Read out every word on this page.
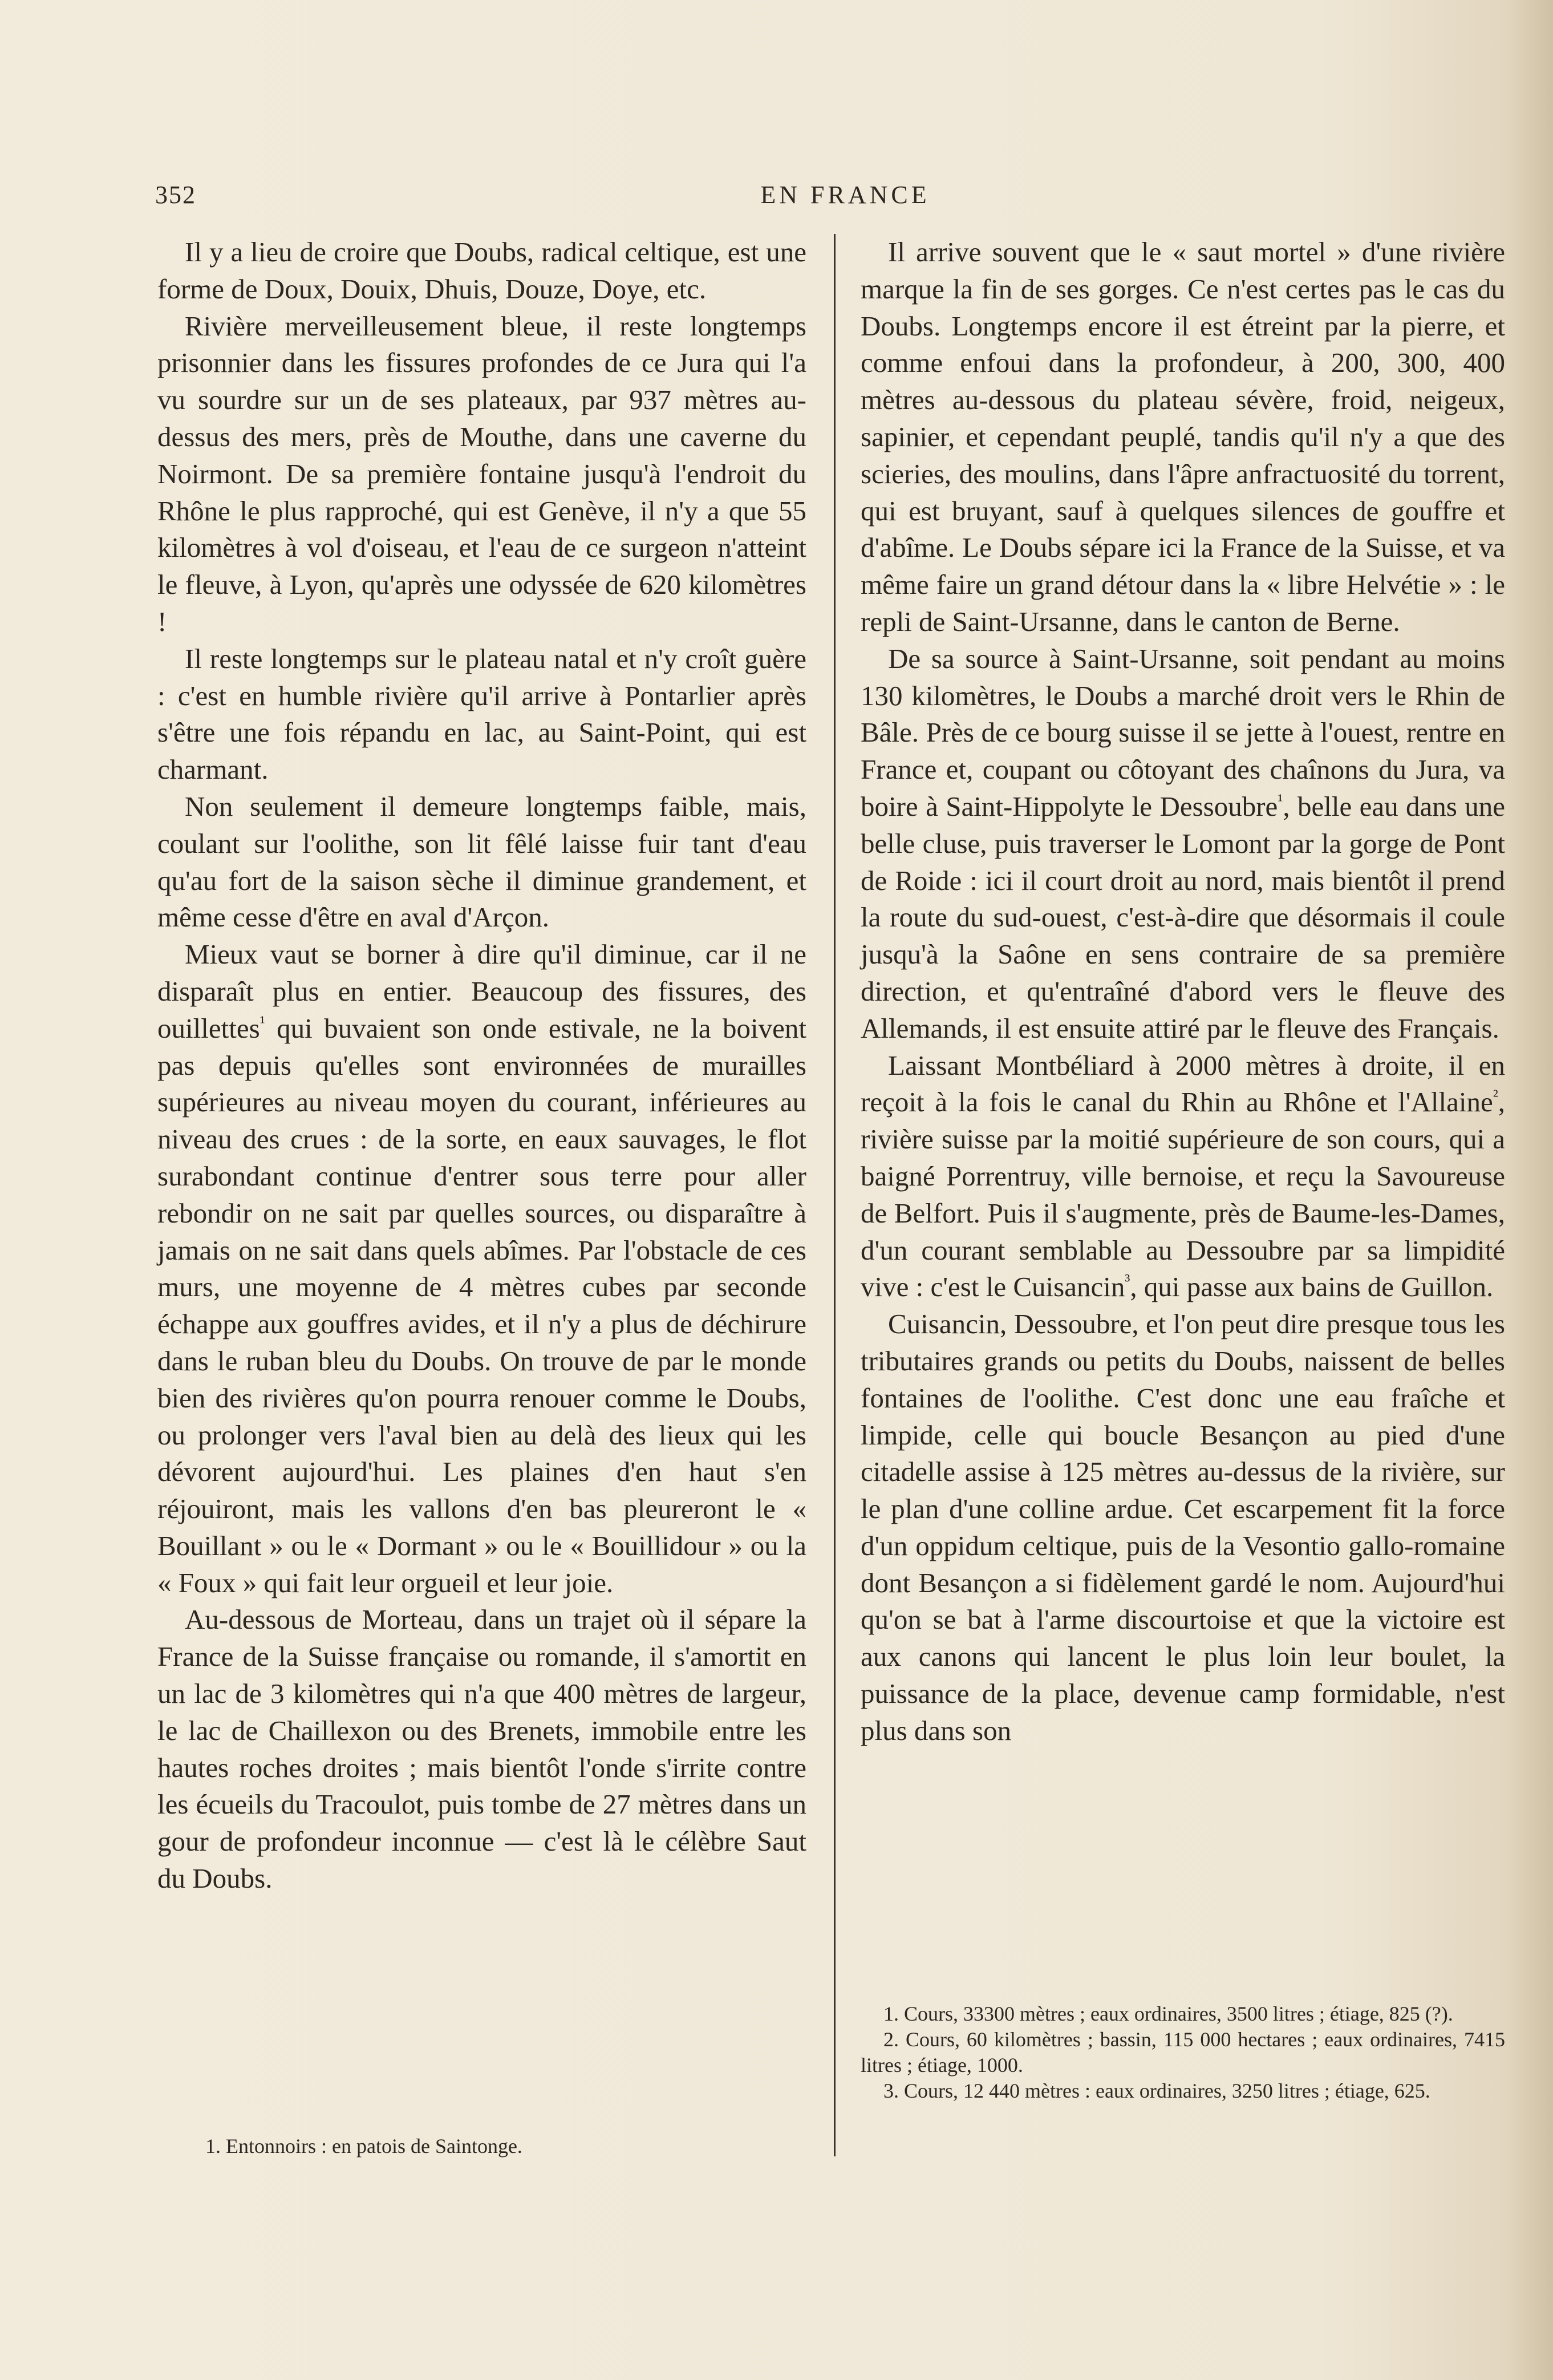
352	EN FRANCE

Il y a lieu de croire que Doubs, radical celtique, est une forme de Doux, Douix, Dhuis, Douze, Doye, etc.

Rivière merveilleusement bleue, il reste longtemps prisonnier dans les fissures profondes de ce Jura qui l'a vu sourdre sur un de ses plateaux, par 937 mètres au-dessus des mers, près de Mouthe, dans une caverne du Noirmont. De sa première fontaine jusqu'à l'endroit du Rhône le plus rapproché, qui est Genève, il n'y a que 55 kilomètres à vol d'oiseau, et l'eau de ce surgeon n'atteint le fleuve, à Lyon, qu'après une odyssée de 620 kilomètres !

Il reste longtemps sur le plateau natal et n'y croît guère : c'est en humble rivière qu'il arrive à Pontarlier après s'être une fois répandu en lac, au Saint-Point, qui est charmant.

Non seulement il demeure longtemps faible, mais, coulant sur l'oolithe, son lit fêlé laisse fuir tant d'eau qu'au fort de la saison sèche il diminue grandement, et même cesse d'être en aval d'Arçon.

Mieux vaut se borner à dire qu'il diminue, car il ne disparaît plus en entier. Beaucoup des fissures, des ouillettes$^{^1}$ qui buvaient son onde estivale, ne la boivent pas depuis qu'elles sont environnées de murailles supérieures au niveau moyen du courant, inférieures au niveau des crues : de la sorte, en eaux sauvages, le flot surabondant continue d'entrer sous terre pour aller rebondir on ne sait par quelles sources, ou disparaître à jamais on ne sait dans quels abîmes. Par l'obstacle de ces murs, une moyenne de 4 mètres cubes par seconde échappe aux gouffres avides, et il n'y a plus de déchirure dans le ruban bleu du Doubs. On trouve de par le monde bien des rivières qu'on pourra renouer comme le Doubs, ou prolonger vers l'aval bien au delà des lieux qui les dévorent aujourd'hui. Les plaines d'en haut s'en réjouiront, mais les vallons d'en bas pleureront le « Bouillant » ou le « Dormant » ou le « Bouillidour » ou la « Foux » qui fait leur orgueil et leur joie.

Au-dessous de Morteau, dans un trajet où il sépare la France de la Suisse française ou romande, il s'amortit en un lac de 3 kilomètres qui n'a que 400 mètres de largeur, le lac de Chaillexon ou des Brenets, immobile entre les hautes roches droites ; mais bientôt l'onde s'irrite contre les écueils du Tracoulot, puis tombe de 27 mètres dans un gour de profondeur inconnue — c'est là le célèbre Saut du Doubs.

Il arrive souvent que le « saut mortel » d'une rivière marque la fin de ses gorges. Ce n'est certes pas le cas du Doubs. Longtemps encore il est étreint par la pierre, et comme enfoui dans la profondeur, à 200, 300, 400 mètres au-dessous du plateau sévère, froid, neigeux, sapinier, et cependant peuplé, tandis qu'il n'y a que des scieries, des moulins, dans l'âpre anfractuosité du torrent, qui est bruyant, sauf à quelques silences de gouffre et d'abîme. Le Doubs sépare ici la France de la Suisse, et va même faire un grand détour dans la « libre Helvétie » : le repli de Saint-Ursanne, dans le canton de Berne.

De sa source à Saint-Ursanne, soit pendant au moins 130 kilomètres, le Doubs a marché droit vers le Rhin de Bâle. Près de ce bourg suisse il se jette à l'ouest, rentre en France et, coupant ou côtoyant des chaînons du Jura, va boire à Saint-Hippolyte le Dessoubre$^{^1}$, belle eau dans une belle cluse, puis traverser le Lomont par la gorge de Pont de Roide : ici il court droit au nord, mais bientôt il prend la route du sud-ouest, c'est-à-dire que désormais il coule jusqu'à la Saône en sens contraire de sa première direction, et qu'entraîné d'abord vers le fleuve des Allemands, il est ensuite attiré par le fleuve des Français.

Laissant Montbéliard à 2000 mètres à droite, il en reçoit à la fois le canal du Rhin au Rhône et l'Allaine$^{^2}$, rivière suisse par la moitié supérieure de son cours, qui a baigné Porrentruy, ville bernoise, et reçu la Savoureuse de Belfort. Puis il s'augmente, près de Baume-les-Dames, d'un courant semblable au Dessoubre par sa limpidité vive : c'est le Cuisancin$^{^3}$, qui passe aux bains de Guillon.

Cuisancin, Dessoubre, et l'on peut dire presque tous les tributaires grands ou petits du Doubs, naissent de belles fontaines de l'oolithe. C'est donc une eau fraîche et limpide, celle qui boucle Besançon au pied d'une citadelle assise à 125 mètres au-dessus de la rivière, sur le plan d'une colline ardue. Cet escarpement fit la force d'un oppidum celtique, puis de la Vesontio gallo-romaine dont Besançon a si fidèlement gardé le nom. Aujourd'hui qu'on se bat à l'arme discourtoise et que la victoire est aux canons qui lancent le plus loin leur boulet, la puissance de la place, devenue camp formidable, n'est plus dans son

1. Entonnoirs : en patois de Saintonge.

1. Cours, 33300 mètres ; eaux ordinaires, 3500 litres ; étiage, 825 (?).

2. Cours, 60 kilomètres ; bassin, 115 000 hectares ; eaux ordinaires, 7415 litres ; étiage, 1000.

3. Cours, 12 440 mètres : eaux ordinaires, 3250 litres ; étiage, 625.
